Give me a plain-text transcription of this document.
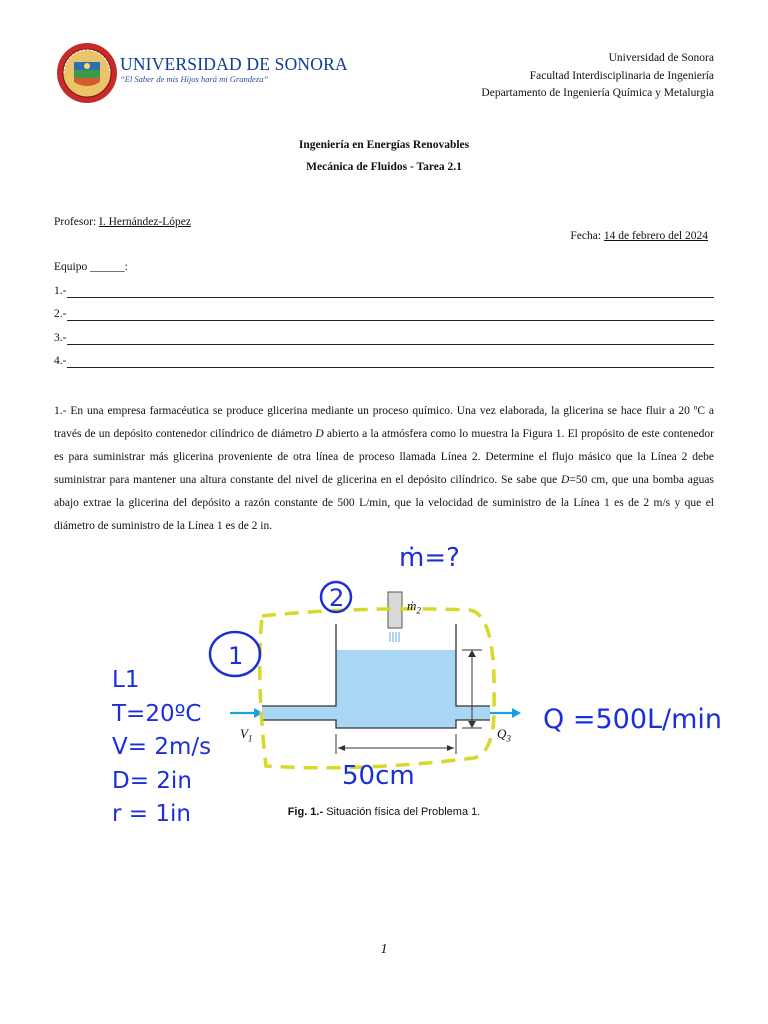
UNIVERSIDAD DE SONORA
“El Saber de mis Hijos hará mi Grandeza”
Universidad de Sonora
Facultad Interdisciplinaria de Ingeniería
Departamento de Ingeniería Química y Metalurgia
Ingeniería en Energías Renovables
Mecánica de Fluidos - Tarea 2.1
Profesor: I. Hernández-López
Fecha: 14 de febrero del 2024
Equipo ______:
1.-
2.-
3.-
4.-
1.- En una empresa farmacéutica se produce glicerina mediante un proceso químico. Una vez elaborada, la glicerina se hace fluir a 20 ºC a través de un depósito contenedor cilíndrico de diámetro D abierto a la atmósfera como lo muestra la Figura 1. El propósito de este contenedor es para suministrar más glicerina proveniente de otra línea de proceso llamada Línea 2. Determine el flujo másico que la Línea 2 debe suministrar para mantener una altura constante del nivel de glicerina en el depósito cilíndrico. Se sabe que D=50 cm, que una bomba aguas abajo extrae la glicerina del depósito a razón constante de 500 L/min, que la velocidad de suministro de la Línea 1 es de 2 m/s y que el diámetro de suministro de la Línea 1 es de 2 in.
2
1
ṁ$_2$
$V_1$	$Q_3$
ṁ=?
L1
T=20ºC
V= 2m/s
D= 2in
r = 1in
Q =500L/min
50cm
Fig. 1.- Situación física del Problema 1.
1
